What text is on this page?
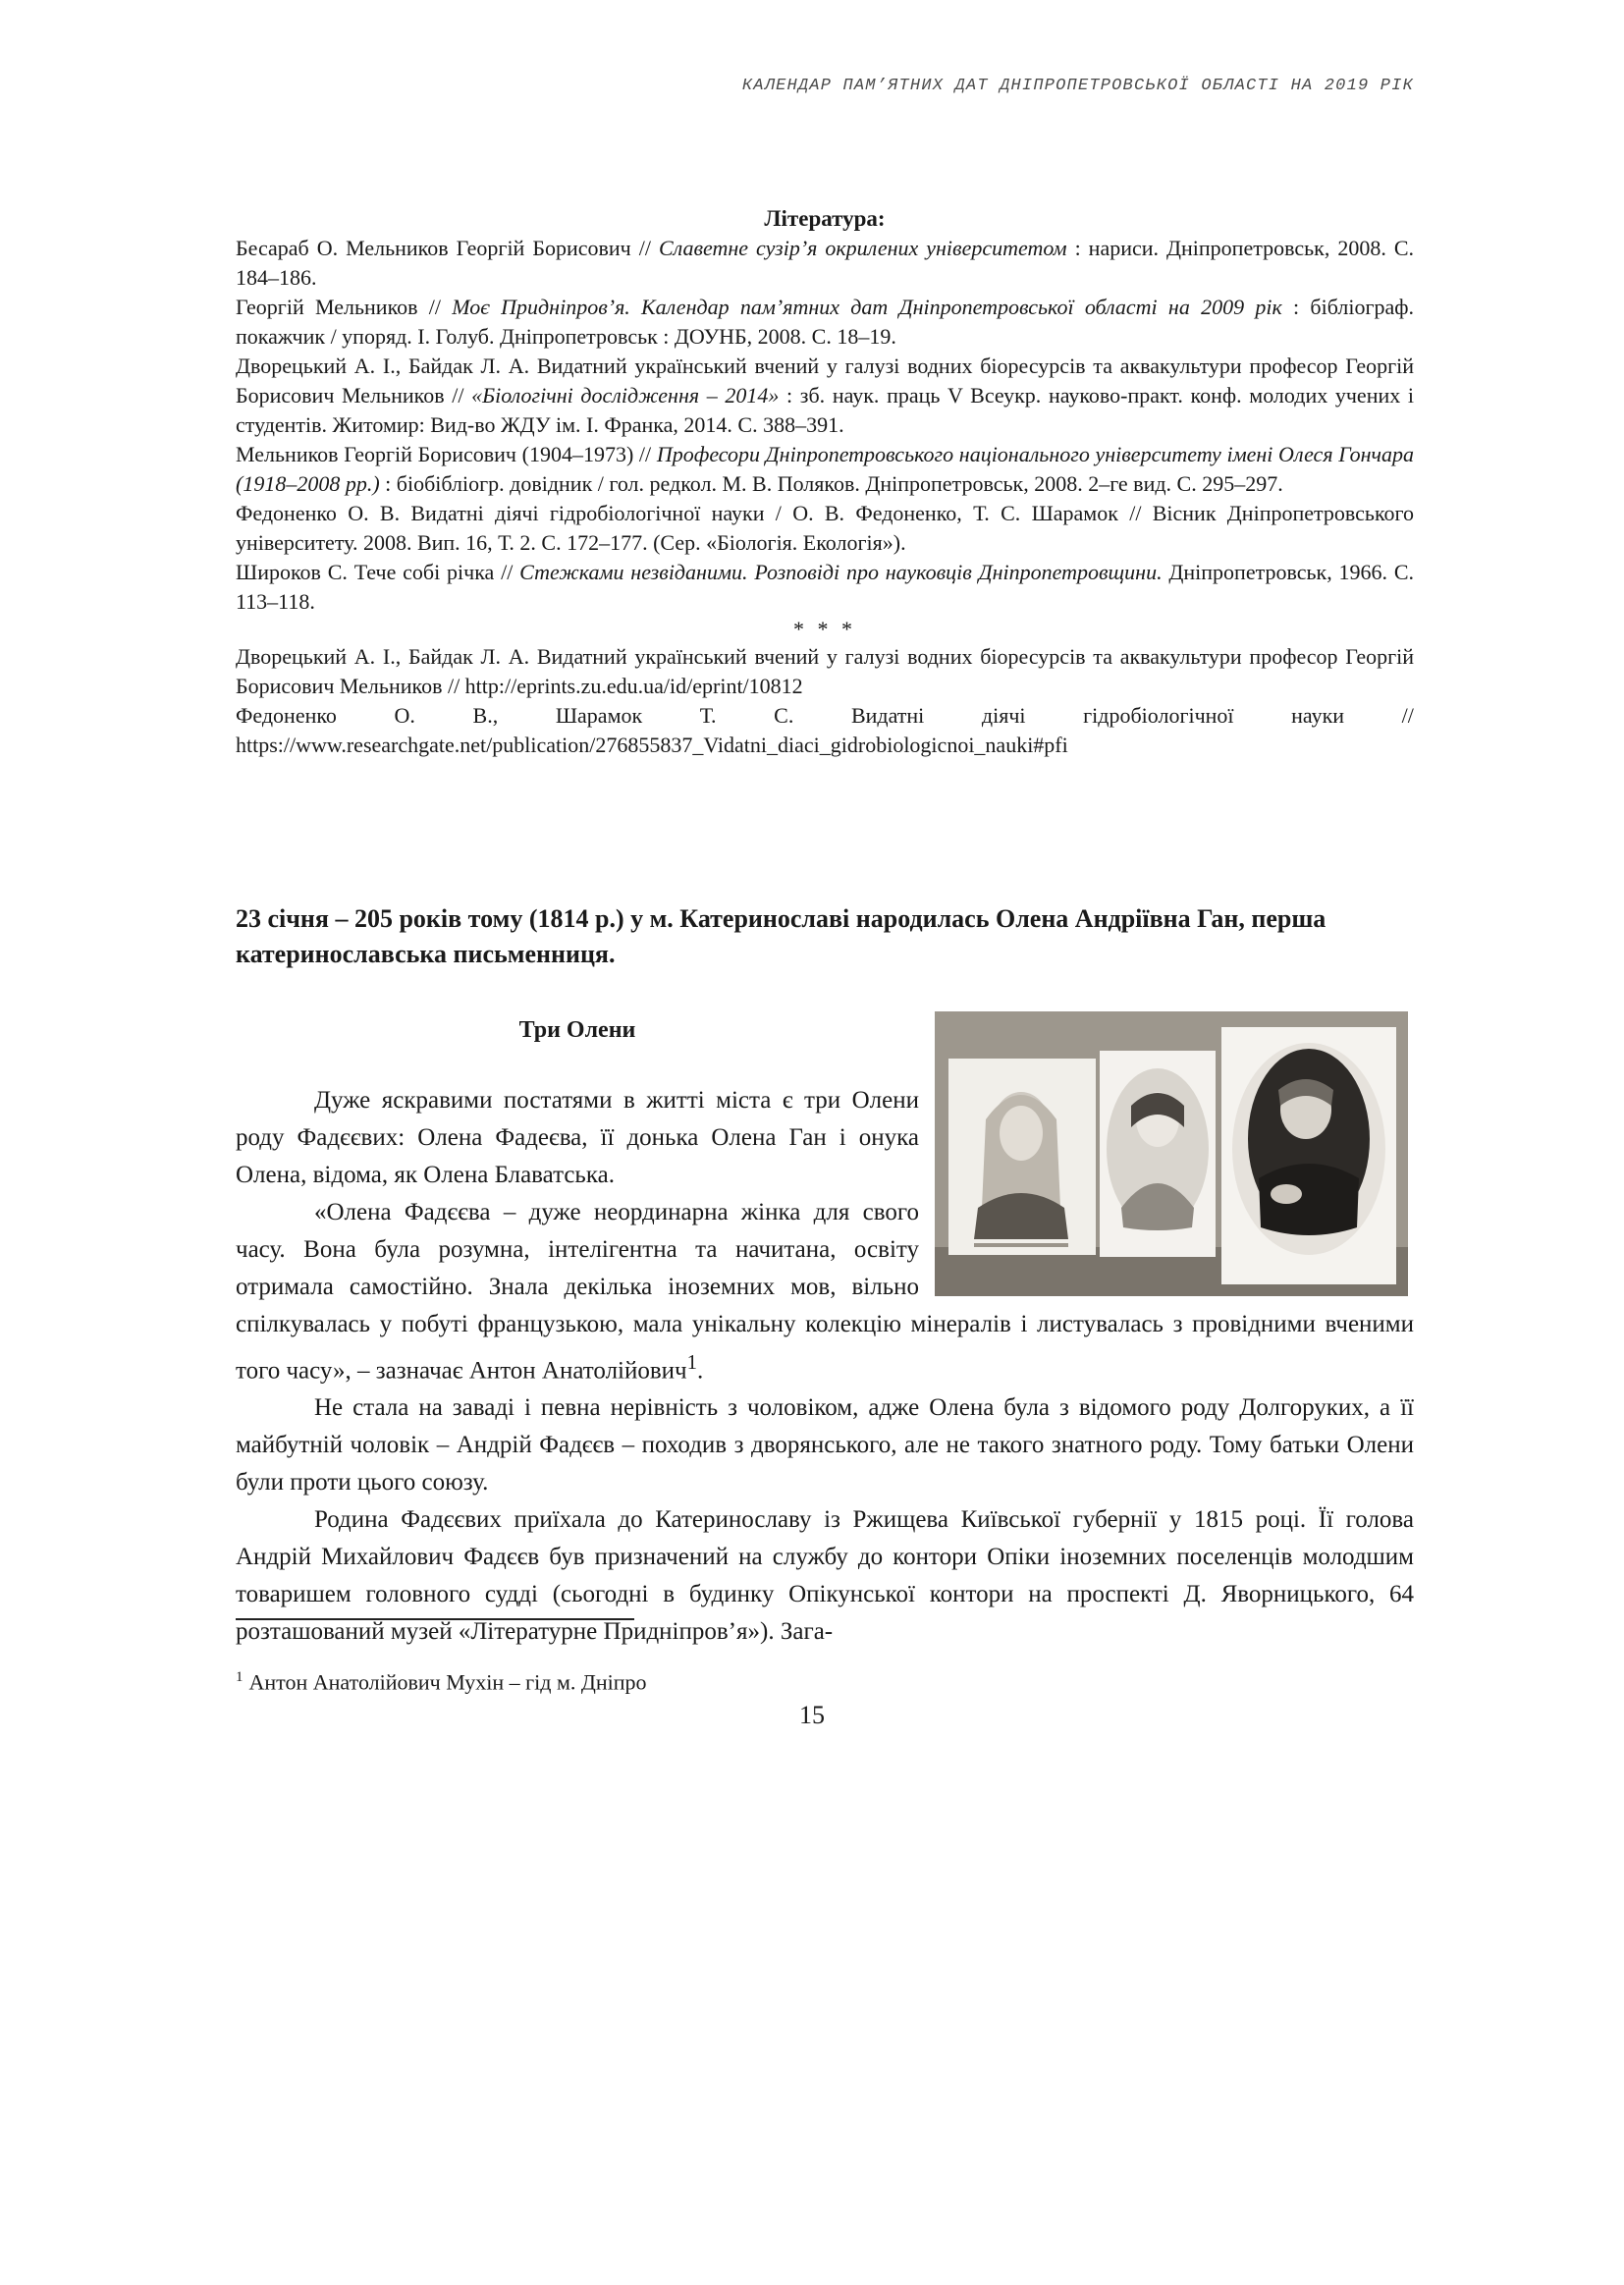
КАЛЕНДАР ПАМ’ЯТНИХ ДАТ ДНІПРОПЕТРОВСЬКОЇ ОБЛАСТІ НА 2019 РІК
Література:

Бесараб О. Мельников Георгій Борисович // Славетне сузір’я окрилених університетом : нариси. Дніпропетровськ, 2008. С. 184–186.

Георгій Мельников // Моє Придніпров’я. Календар пам’ятних дат Дніпропетровської області на 2009 рік : бібліограф. покажчик / упоряд. І. Голуб. Дніпропетровськ : ДОУНБ, 2008. С. 18–19.

Дворецький А. І., Байдак Л. А. Видатний український вчений у галузі водних біоресурсів та аквакультури професор Георгій Борисович Мельников // «Біологічні дослідження – 2014» : зб. наук. праць V Всеукр. науково-практ. конф. молодих учених і студентів. Житомир: Вид-во ЖДУ ім. І. Франка, 2014. С. 388–391.

Мельников Георгій Борисович (1904–1973) // Професори Дніпропетровського національного університету імені Олеся Гончара (1918–2008 рр.) : біобібліогр. довідник / гол. редкол. М. В. Поляков. Дніпропетровськ, 2008. 2–ге вид. С. 295–297.

Федоненко О. В. Видатні діячі гідробіологічної науки / О. В. Федоненко, Т. С. Шарамок // Вісник Дніпропетровського університету. 2008. Вип. 16, Т. 2. С. 172–177. (Сер. «Біологія. Екологія»).

Широков С. Тече собі річка // Стежками незвіданими. Розповіді про науковців Дніпропетровщини. Дніпропетровськ, 1966. С. 113–118.

* * *

Дворецький А. І., Байдак Л. А. Видатний український вчений у галузі водних біоресурсів та аквакультури професор Георгій Борисович Мельников // http://eprints.zu.edu.ua/id/eprint/10812

Федоненко	О.	В.,	Шарамок	Т.	С.	Видатні	діячі	гідробіологічної	науки	//

https://www.researchgate.net/publication/276855837_Vidatni_diaci_gidrobiologicnoi_nauki#pfi

23 січня – 205 років тому (1814 р.) у м. Катеринославі народилась Олена Андріївна Ган, перша катеринославська письменниця.
Три Олени

Дуже яскравими постатями в житті міста є три Олени роду Фадєєвих: Олена Фадеєва, її донька Олена Ган і онука Олена, відома, як Олена Блаватська.

«Олена Фадєєва – дуже неординарна жінка для свого часу. Вона була розумна, інтелігентна та начитана, освіту отримала самостійно. Знала декілька іноземних мов, вільно спілкувалась у побуті французькою, мала унікальну колекцію мінералів і листувалась з провідними вченими того часу», – зазначає Антон Анатолійович$^1$.

Не стала на заваді і певна нерівність з чоловіком, адже Олена була з відомого роду Долгоруких, а її майбутній чоловік – Андрій Фадєєв – походив з дворянського, але не такого знатного роду. Тому батьки Олени були проти цього союзу.

Родина Фадєєвих приїхала до Катеринославу із Ржищева Київської губернії у 1815 році. Її голова Андрій Михайлович Фадєєв був призначений на службу до контори Опіки іноземних поселенців молодшим товаришем головного судді (сьогодні в будинку Опікунської контори на проспекті Д. Яворницького, 64 розташований музей «Літературне Придніпров’я»). Зага-

$^1$ Антон Анатолійович Мухін – гід м. Дніпро
15
